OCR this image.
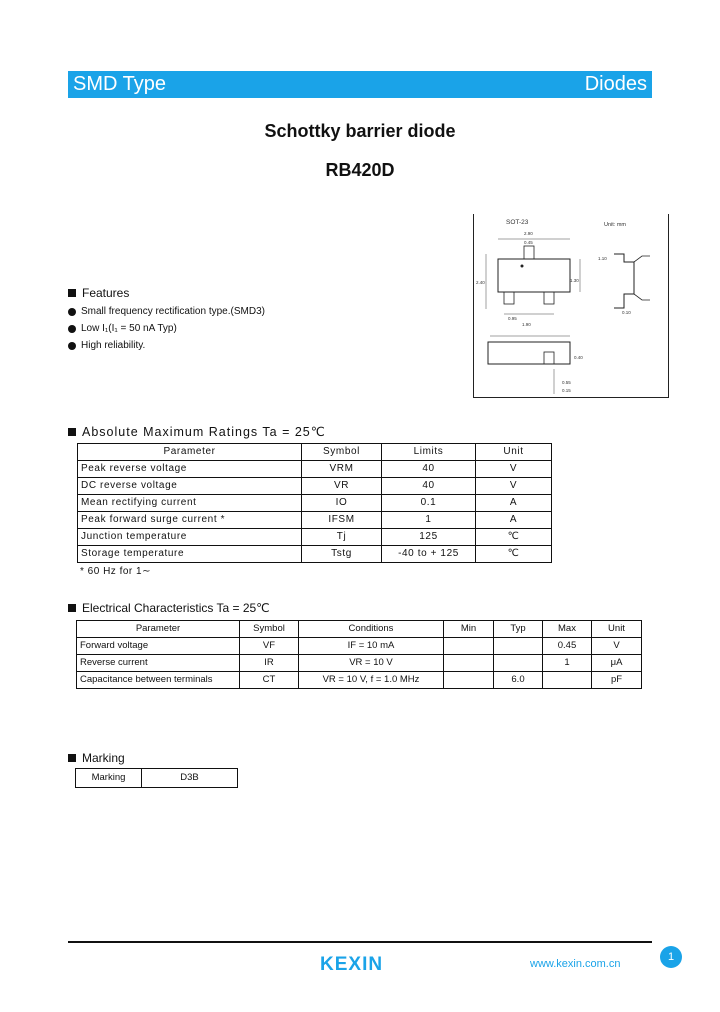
SMD Type	Diodes
Schottky barrier diode
RB420D
SOT-23	Unit: mm
2.90
0.45
2.40	1.30
0.95
1.90
0.10
1.10
0.40
0.55
0.15
Features
Small frequency rectification type.(SMD3)
Low I₁(I₁ = 50 nA Typ)
High reliability.
Absolute Maximum Ratings Ta = 25℃
Parameter	Symbol	Limits	Unit
Peak reverse voltage	VRM	40	V
DC reverse voltage	VR	40	V
Mean rectifying current	IO	0.1	A
Peak forward surge current *	IFSM	1	A
Junction temperature	Tj	125	℃
Storage temperature	Tstg	-40 to + 125	℃
* 60 Hz for 1∼
Electrical Characteristics Ta = 25℃
Parameter	Symbol	Conditions	Min	Typ	Max	Unit
Forward voltage	VF	IF = 10 mA			0.45	V
Reverse current	IR	VR = 10 V			1	μA
Capacitance between terminals	CT	VR = 10 V, f = 1.0 MHz		6.0		pF
Marking
Marking	D3B
KEXIN	www.kexin.com.cn
1
